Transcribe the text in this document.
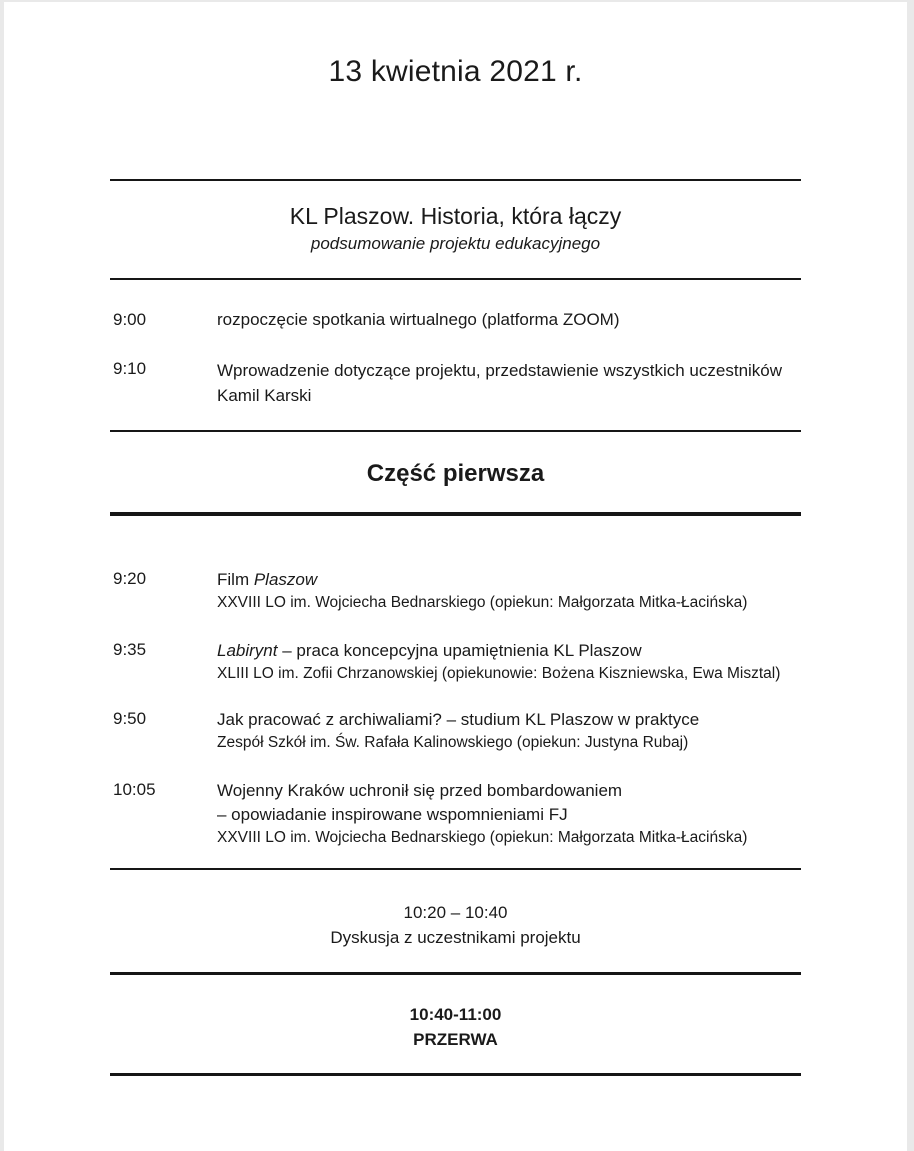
13 kwietnia 2021 r.
KL Plaszow. Historia, która łączy
podsumowanie projektu edukacyjnego
9:00	rozpoczęcie spotkania wirtualnego (platforma ZOOM)
9:10	Wprowadzenie dotyczące projektu, przedstawienie wszystkich uczestników
Kamil Karski
Część pierwsza
9:20	Film Plaszow
XXVIII LO im. Wojciecha Bednarskiego (opiekun: Małgorzata Mitka-Łacińska)
9:35	Labirynt – praca koncepcyjna upamiętnienia KL Plaszow
XLIII LO im. Zofii Chrzanowskiej (opiekunowie: Bożena Kiszniewska, Ewa Misztal)
9:50	Jak pracować z archiwaliami? – studium KL Plaszow w praktyce
Zespół Szkół im. Św. Rafała Kalinowskiego (opiekun: Justyna Rubaj)
10:05	Wojenny Kraków uchronił się przed bombardowaniem
– opowiadanie inspirowane wspomnieniami FJ
XXVIII LO im. Wojciecha Bednarskiego (opiekun: Małgorzata Mitka-Łacińska)
10:20 – 10:40
Dyskusja z uczestnikami projektu
10:40-11:00
PRZERWA
